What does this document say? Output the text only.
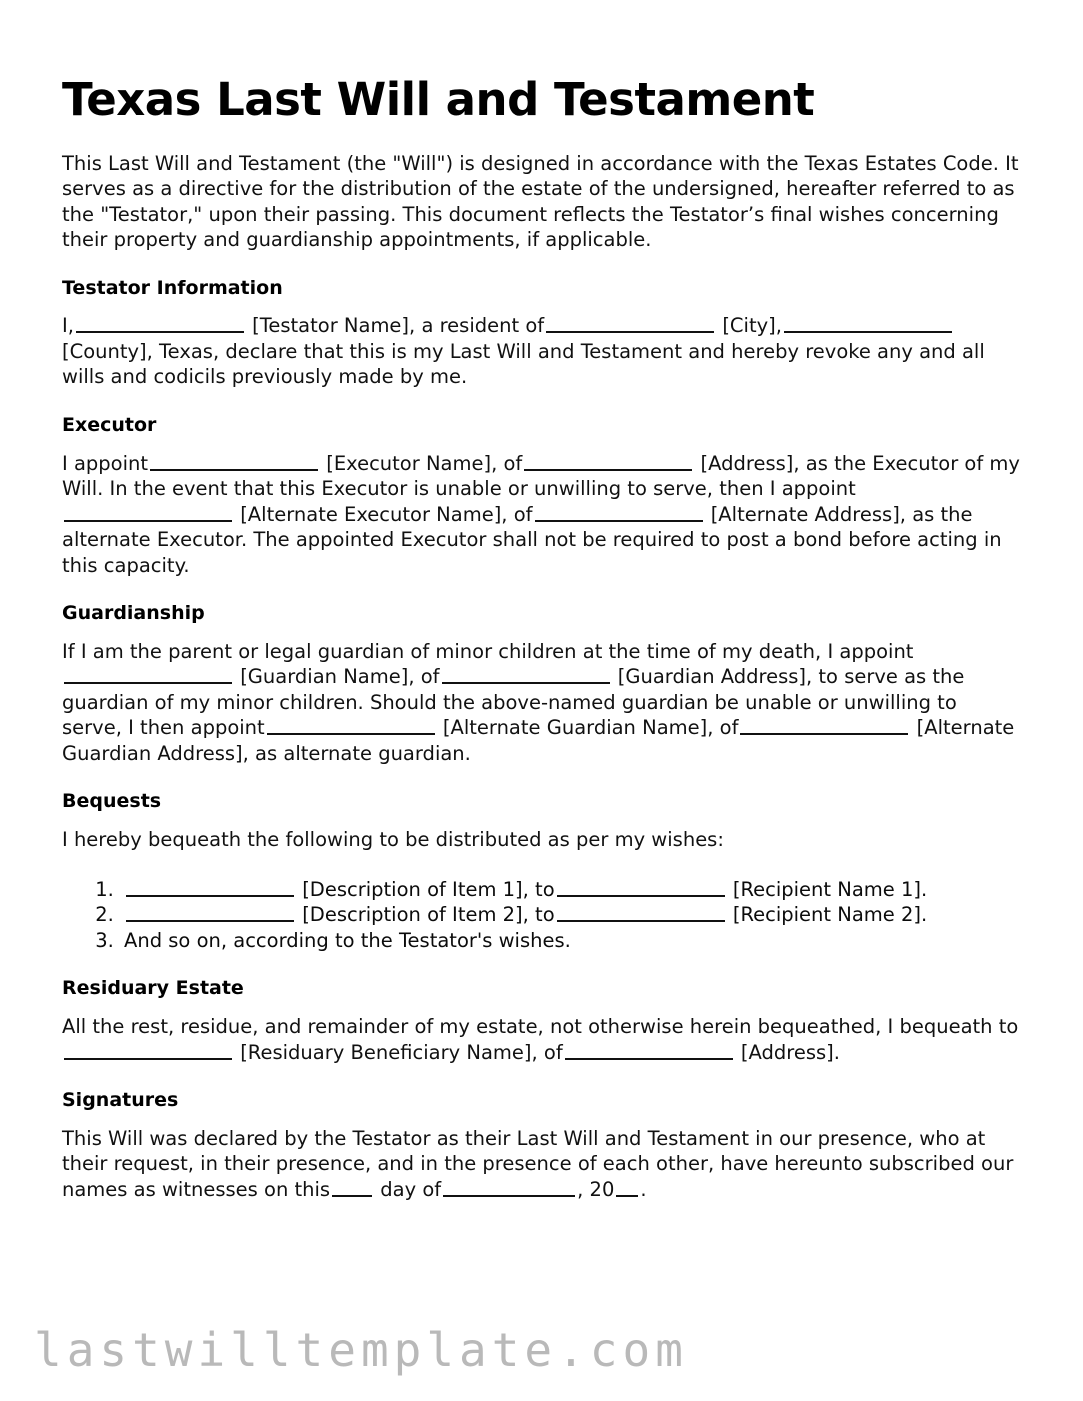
Texas Last Will and Testament

This Last Will and Testament (the "Will") is designed in accordance with the Texas Estates Code. It serves as a directive for the distribution of the estate of the undersigned, hereafter referred to as the "Testator," upon their passing. This document reflects the Testator’s final wishes concerning their property and guardianship appointments, if applicable.

Testator Information

I,	[Testator Name], a resident of	[City], [County], Texas, declare that this is my Last Will and Testament and hereby revoke any and all wills and codicils previously made by me.

Executor

I appoint	[Executor Name], of	[Address], as the Executor of my Will. In the event that this Executor is unable or unwilling to serve, then I appoint [Alternate Executor Name], of	[Alternate Address], as the alternate Executor. The appointed Executor shall not be required to post a bond before acting in this capacity.

Guardianship

If I am the parent or legal guardian of minor children at the time of my death, I appoint [Guardian Name], of	[Guardian Address], to serve as the guardian of my minor children. Should the above-named guardian be unable or unwilling to serve, I then appoint	[Alternate Guardian Name], of	[Alternate Guardian Address], as alternate guardian.

Bequests

I hereby bequeath the following to be distributed as per my wishes:

1. [Description of Item 1], to	[Recipient Name 1].
2. [Description of Item 2], to	[Recipient Name 2].
3. And so on, according to the Testator's wishes.
Residuary Estate

All the rest, residue, and remainder of my estate, not otherwise herein bequeathed, I bequeath to [Residuary Beneficiary Name], of	[Address].

Signatures

This Will was declared by the Testator as their Last Will and Testament in our presence, who at their request, in their presence, and in the presence of each other, have hereunto subscribed our names as witnesses on this	day of	, 20 .

lastwilltemplate.com
